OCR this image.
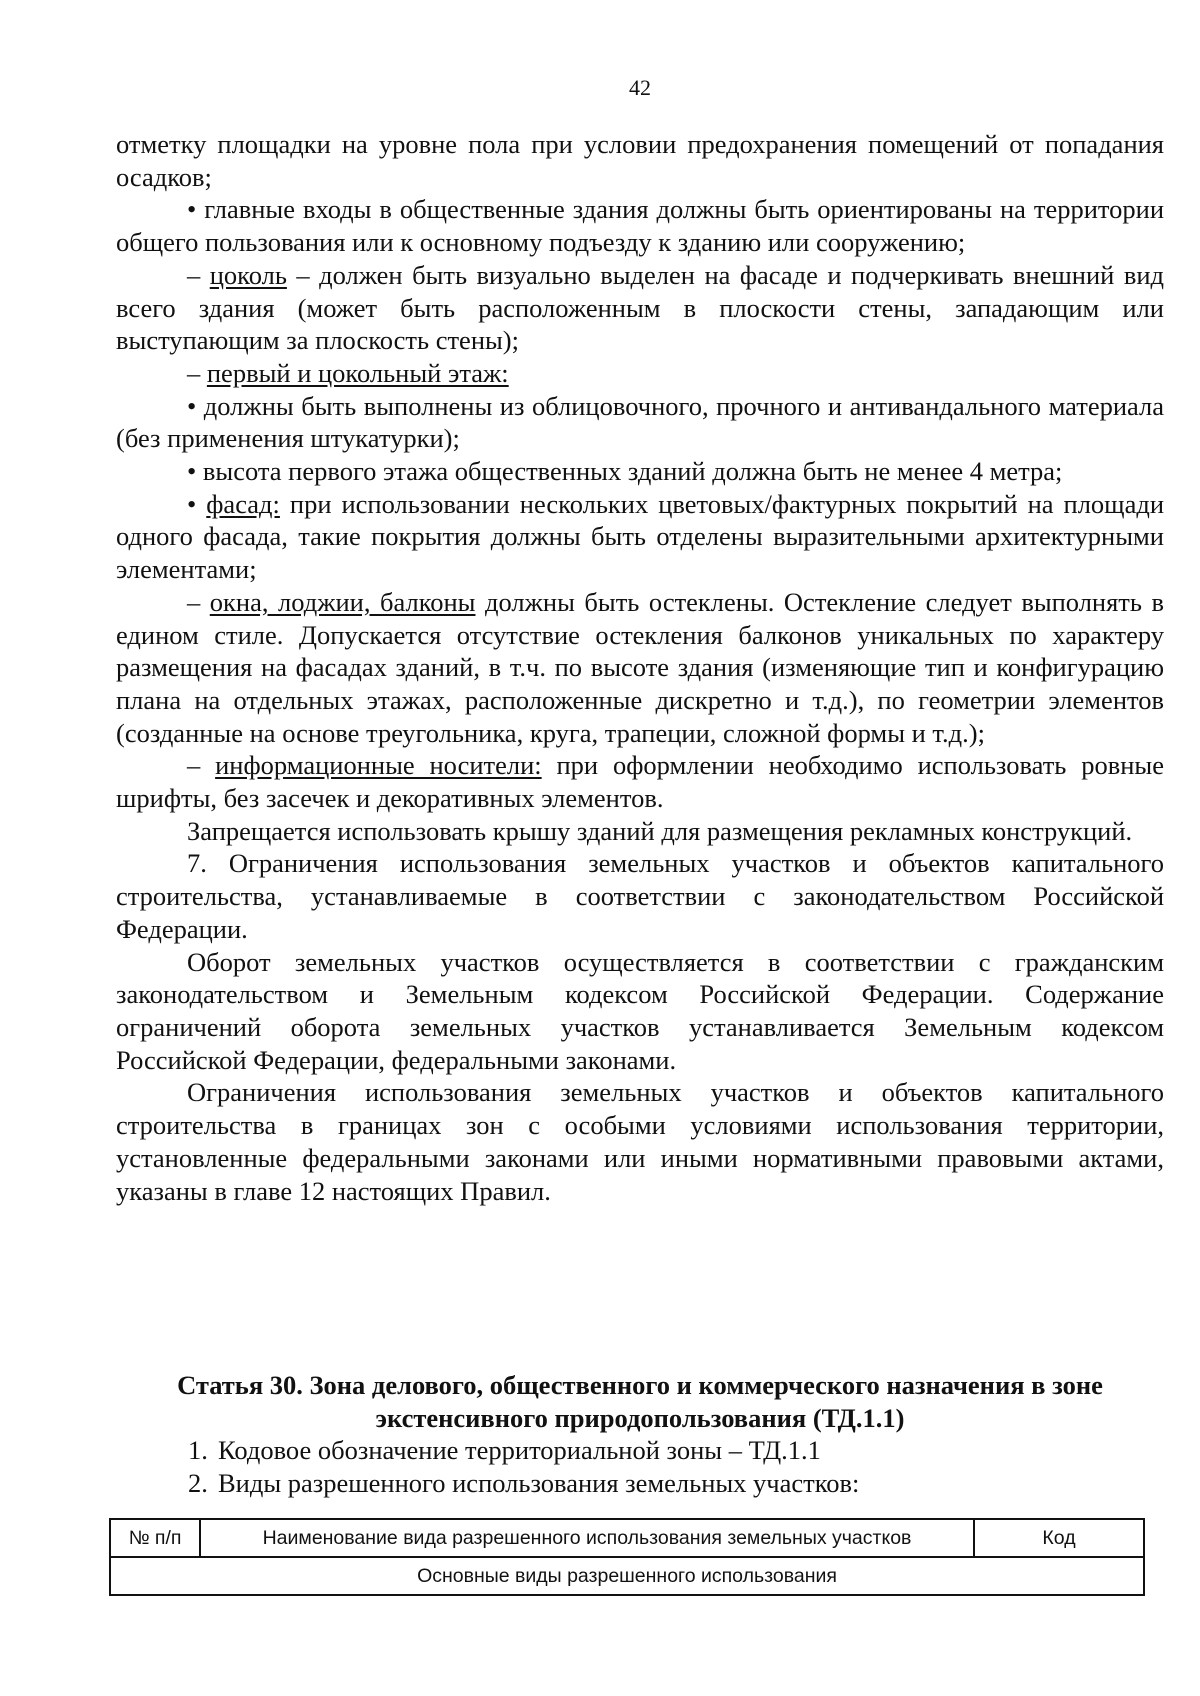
42

отметку площадки на уровне пола при условии предохранения помещений от попадания осадков;

• главные входы в общественные здания должны быть ориентированы на территории общего пользования или к основному подъезду к зданию или сооружению;

– цоколь – должен быть визуально выделен на фасаде и подчеркивать внешний вид всего здания (может быть расположенным в плоскости стены, западающим или выступающим за плоскость стены);

– первый и цокольный этаж:

• должны быть выполнены из облицовочного, прочного и антивандального материала (без применения штукатурки);

• высота первого этажа общественных зданий должна быть не менее 4 метра;

• фасад: при использовании нескольких цветовых/фактурных покрытий на площади одного фасада, такие покрытия должны быть отделены выразительными архитектурными элементами;

– окна, лоджии, балконы должны быть остеклены. Остекление следует выполнять в едином стиле. Допускается отсутствие остекления балконов уникальных по характеру размещения на фасадах зданий, в т.ч. по высоте здания (изменяющие тип и конфигурацию плана на отдельных этажах, расположенные дискретно и т.д.), по геометрии элементов (созданные на основе треугольника, круга, трапеции, сложной формы и т.д.);

– информационные носители: при оформлении необходимо использовать ровные шрифты, без засечек и декоративных элементов.

Запрещается использовать крышу зданий для размещения рекламных конструкций.

7. Ограничения использования земельных участков и объектов капитального строительства, устанавливаемые в соответствии с законодательством Российской Федерации.

Оборот земельных участков осуществляется в соответствии с гражданским законодательством и Земельным кодексом Российской Федерации. Содержание ограничений оборота земельных участков устанавливается Земельным кодексом Российской Федерации, федеральными законами.

Ограничения использования земельных участков и объектов капитального строительства в границах зон с особыми условиями использования территории, установленные федеральными законами или иными нормативными правовыми актами, указаны в главе 12 настоящих Правил.

Статья 30. Зона делового, общественного и коммерческого назначения в зоне
экстенсивного природопользования (ТД.1.1)
1. Кодовое обозначение территориальной зоны – ТД.1.1
2. Виды разрешенного использования земельных участков:
№ п/п	Наименование вида разрешенного использования земельных участков	Код
Основные виды разрешенного использования
